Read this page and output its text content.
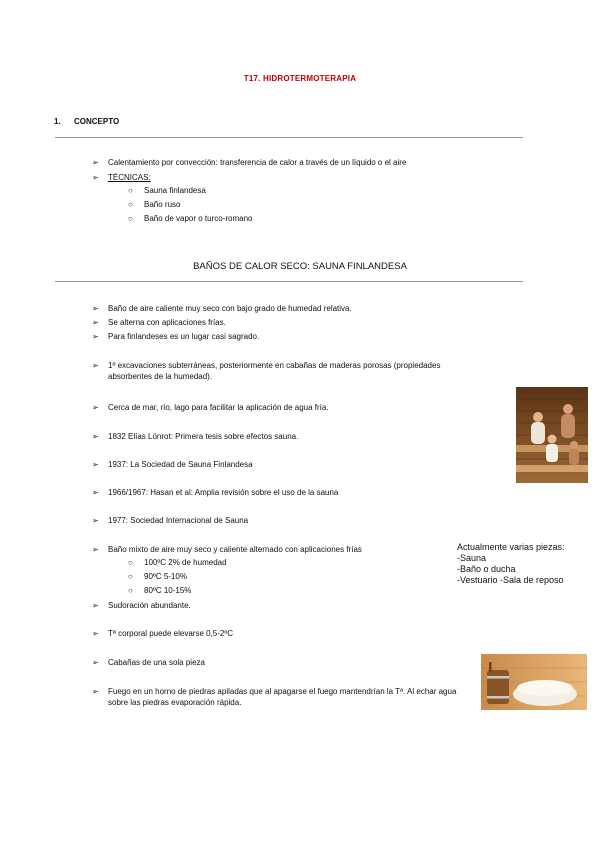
T17. HIDROTERMOTERAPIA
1. CONCEPTO
➢ Calentamiento por convección: transferencia de calor a través de un líquido o el aire
➢ TÉCNICAS:
○ Sauna finlandesa
○ Baño ruso
○ Baño de vapor o turco-romano
BAÑOS DE CALOR SECO: SAUNA FINLANDESA
➢ Baño de aire caliente muy seco con bajo grado de humedad relativa.
➢ Se alterna con aplicaciones frías.
➢ Para finlandeses es un lugar casi sagrado.
➢	1º excavaciones subterráneas, posteriormente en cabañas de maderas porosas (propiedades absorbentes de la humedad).
➢ Cerca de mar, río, lago para facilitar la aplicación de agua fría.
➢ 1832 Elías Lönrot: Primera tesis sobre efectos sauna.
➢ 1937: La Sociedad de Sauna Finlandesa
➢ 1966/1967: Hasan et al: Amplia revisión sobre el uso de la sauna
➢ 1977: Sociedad Internacional de Sauna
➢ Baño mixto de aire muy seco y caliente alternado con aplicaciones frías
○ 100ºC 2% de humedad
○ 90ºC 5-10%
○ 80ºC 10-15%
➢ Sudoración abundante.
➢ Tª corporal puede elevarse 0,5-2ºC
➢ Cabañas de una sola pieza
➢	Fuego en un horno de piedras apiladas que al apagarse el fuego mantendrían la Tª. Al echar agua sobre las piedras evaporación rápida.
Actualmente varias piezas:
-Sauna
-Baño o ducha
-Vestuario -Sala de reposo
